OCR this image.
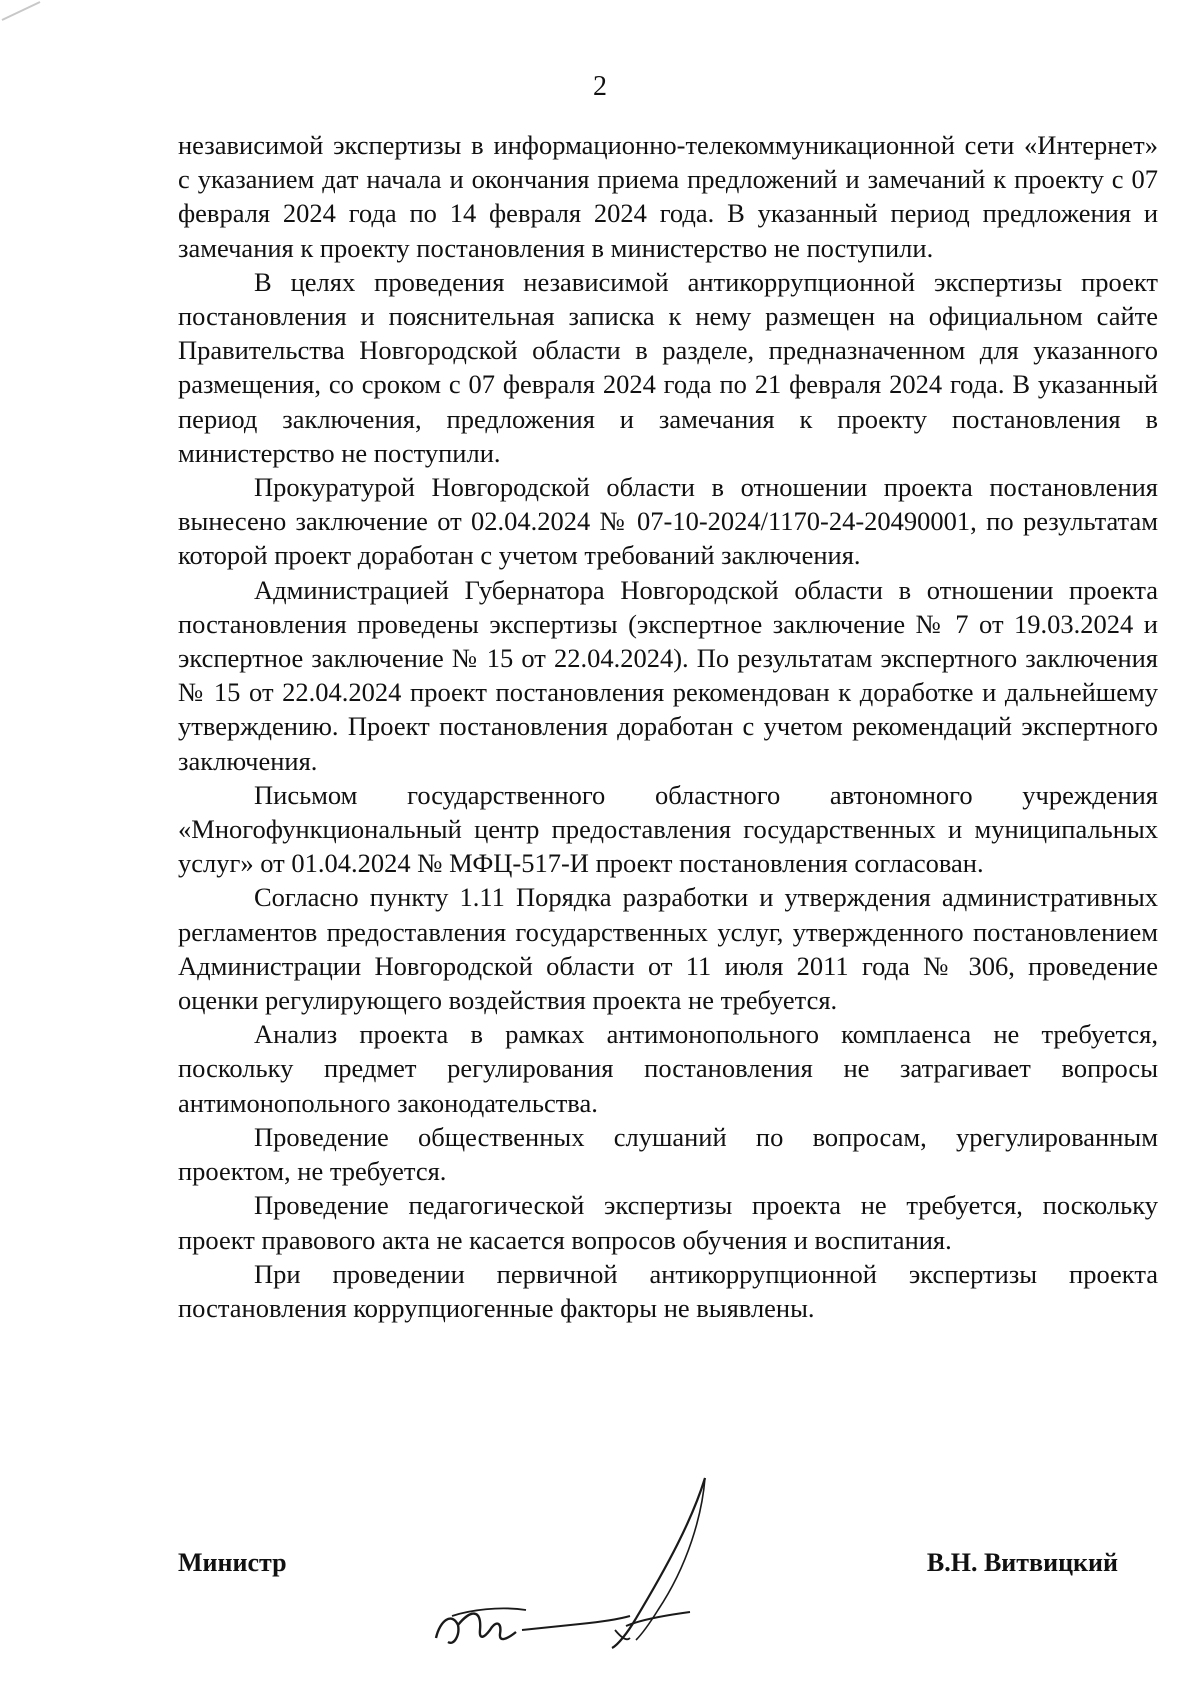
2

независимой экспертизы в информационно-телекоммуникационной сети «Интернет» с указанием дат начала и окончания приема предложений и замечаний к проекту с 07 февраля 2024 года по 14 февраля 2024 года. В указанный период предложения и замечания к проекту постановления в министерство не поступили.

В целях проведения независимой антикоррупционной экспертизы проект постановления и пояснительная записка к нему размещен на официальном сайте Правительства Новгородской области в разделе, предназначенном для указанного размещения, со сроком с 07 февраля 2024 года по 21 февраля 2024 года. В указанный период заключения, предложения и замечания к проекту постановления в министерство не поступили.

Прокуратурой Новгородской области в отношении проекта постановления вынесено заключение от 02.04.2024 № 07-10-2024/1170-24-20490001, по результатам которой проект доработан с учетом требований заключения.

Администрацией Губернатора Новгородской области в отношении проекта постановления проведены экспертизы (экспертное заключение № 7 от 19.03.2024 и экспертное заключение № 15 от 22.04.2024). По результатам экспертного заключения № 15 от 22.04.2024 проект постановления рекомендован к доработке и дальнейшему утверждению. Проект постановления доработан с учетом рекомендаций экспертного заключения.

Письмом государственного областного автономного учреждения «Многофункциональный центр предоставления государственных и муниципальных услуг» от 01.04.2024 № МФЦ-517-И проект постановления согласован.

Согласно пункту 1.11 Порядка разработки и утверждения административных регламентов предоставления государственных услуг, утвержденного постановлением Администрации Новгородской области от 11 июля 2011 года № 306, проведение оценки регулирующего воздействия проекта не требуется.

Анализ проекта в рамках антимонопольного комплаенса не требуется, поскольку предмет регулирования постановления не затрагивает вопросы антимонопольного законодательства.

Проведение общественных слушаний по вопросам, урегулированным проектом, не требуется.

Проведение педагогической экспертизы проекта не требуется, поскольку проект правового акта не касается вопросов обучения и воспитания.

При проведении первичной антикоррупционной экспертизы проекта постановления коррупциогенные факторы не выявлены.

Министр	В.Н. Витвицкий
